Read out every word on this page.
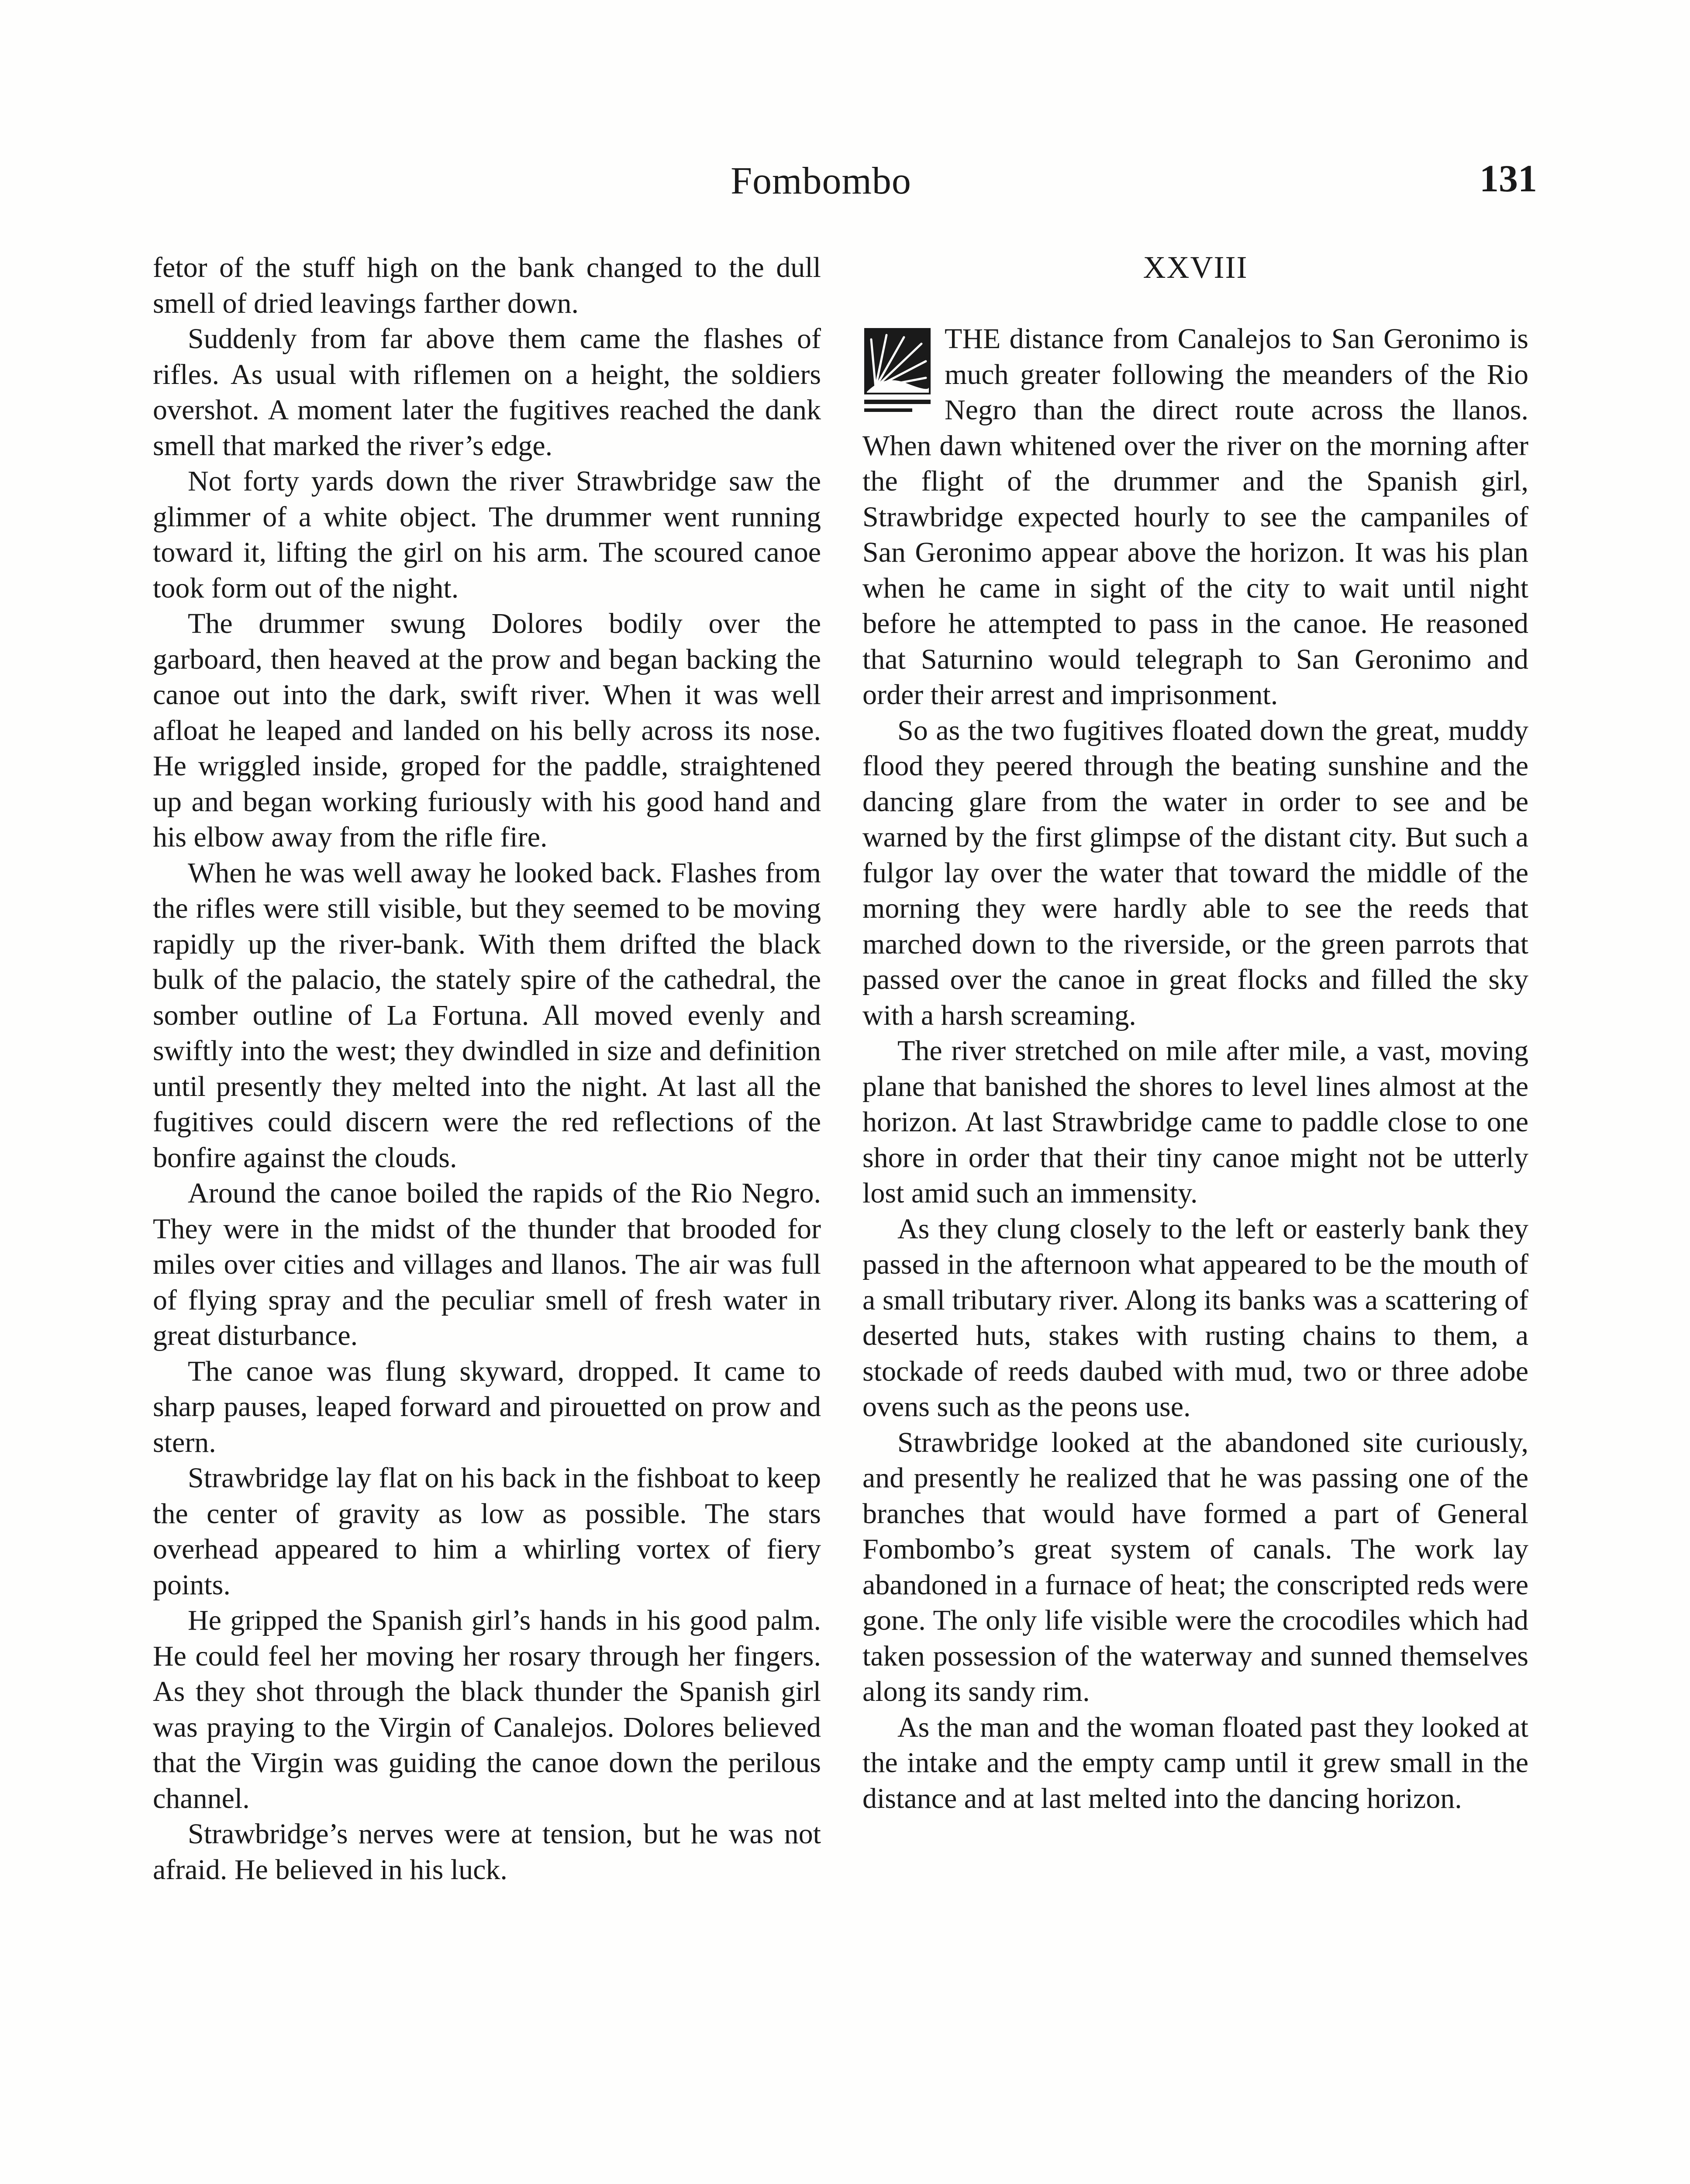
Fombombo	131

fetor of the stuff high on the bank changed to the dull smell of dried leavings farther down.

Suddenly from far above them came the flashes of rifles. As usual with riflemen on a height, the soldiers overshot. A moment later the fugitives reached the dank smell that marked the river’s edge.

Not forty yards down the river Strawbridge saw the glimmer of a white object. The drummer went running toward it, lifting the girl on his arm. The scoured canoe took form out of the night.

The drummer swung Dolores bodily over the garboard, then heaved at the prow and began backing the canoe out into the dark, swift river. When it was well afloat he leaped and landed on his belly across its nose. He wriggled inside, groped for the paddle, straightened up and began working furiously with his good hand and his elbow away from the rifle fire.

When he was well away he looked back. Flashes from the rifles were still visible, but they seemed to be moving rapidly up the river-bank. With them drifted the black bulk of the palacio, the stately spire of the cathedral, the somber outline of La Fortuna. All moved evenly and swiftly into the west; they dwindled in size and definition until presently they melted into the night. At last all the fugitives could discern were the red reflections of the bonfire against the clouds.

Around the canoe boiled the rapids of the Rio Negro. They were in the midst of the thunder that brooded for miles over cities and villages and llanos. The air was full of flying spray and the peculiar smell of fresh water in great disturbance.

The canoe was flung skyward, dropped. It came to sharp pauses, leaped forward and pirouetted on prow and stern.

Strawbridge lay flat on his back in the fishboat to keep the center of gravity as low as possible. The stars overhead appeared to him a whirling vortex of fiery points.

He gripped the Spanish girl’s hands in his good palm. He could feel her moving her rosary through her fingers. As they shot through the black thunder the Spanish girl was praying to the Virgin of Canalejos. Dolores believed that the Virgin was guiding the canoe down the perilous channel.

Strawbridge’s nerves were at tension, but he was not afraid. He believed in his luck.

XXVIII

THE distance from Canalejos to San Geronimo is much greater following the meanders of the Rio Negro than the direct route across the llanos. When dawn whitened over the river on the morning after the flight of the drummer and the Spanish girl, Strawbridge expected hourly to see the campaniles of San Geronimo appear above the horizon. It was his plan when he came in sight of the city to wait until night before he attempted to pass in the canoe. He reasoned that Saturnino would telegraph to San Geronimo and order their arrest and imprisonment.

So as the two fugitives floated down the great, muddy flood they peered through the beating sunshine and the dancing glare from the water in order to see and be warned by the first glimpse of the distant city. But such a fulgor lay over the water that toward the middle of the morning they were hardly able to see the reeds that marched down to the riverside, or the green parrots that passed over the canoe in great flocks and filled the sky with a harsh screaming.

The river stretched on mile after mile, a vast, moving plane that banished the shores to level lines almost at the horizon. At last Strawbridge came to paddle close to one shore in order that their tiny canoe might not be utterly lost amid such an immensity.

As they clung closely to the left or easterly bank they passed in the afternoon what appeared to be the mouth of a small tributary river. Along its banks was a scattering of deserted huts, stakes with rusting chains to them, a stockade of reeds daubed with mud, two or three adobe ovens such as the peons use.

Strawbridge looked at the abandoned site curiously, and presently he realized that he was passing one of the branches that would have formed a part of General Fombombo’s great system of canals. The work lay abandoned in a furnace of heat; the conscripted reds were gone. The only life visible were the crocodiles which had taken possession of the waterway and sunned themselves along its sandy rim.

As the man and the woman floated past they looked at the intake and the empty camp until it grew small in the distance and at last melted into the dancing horizon.
